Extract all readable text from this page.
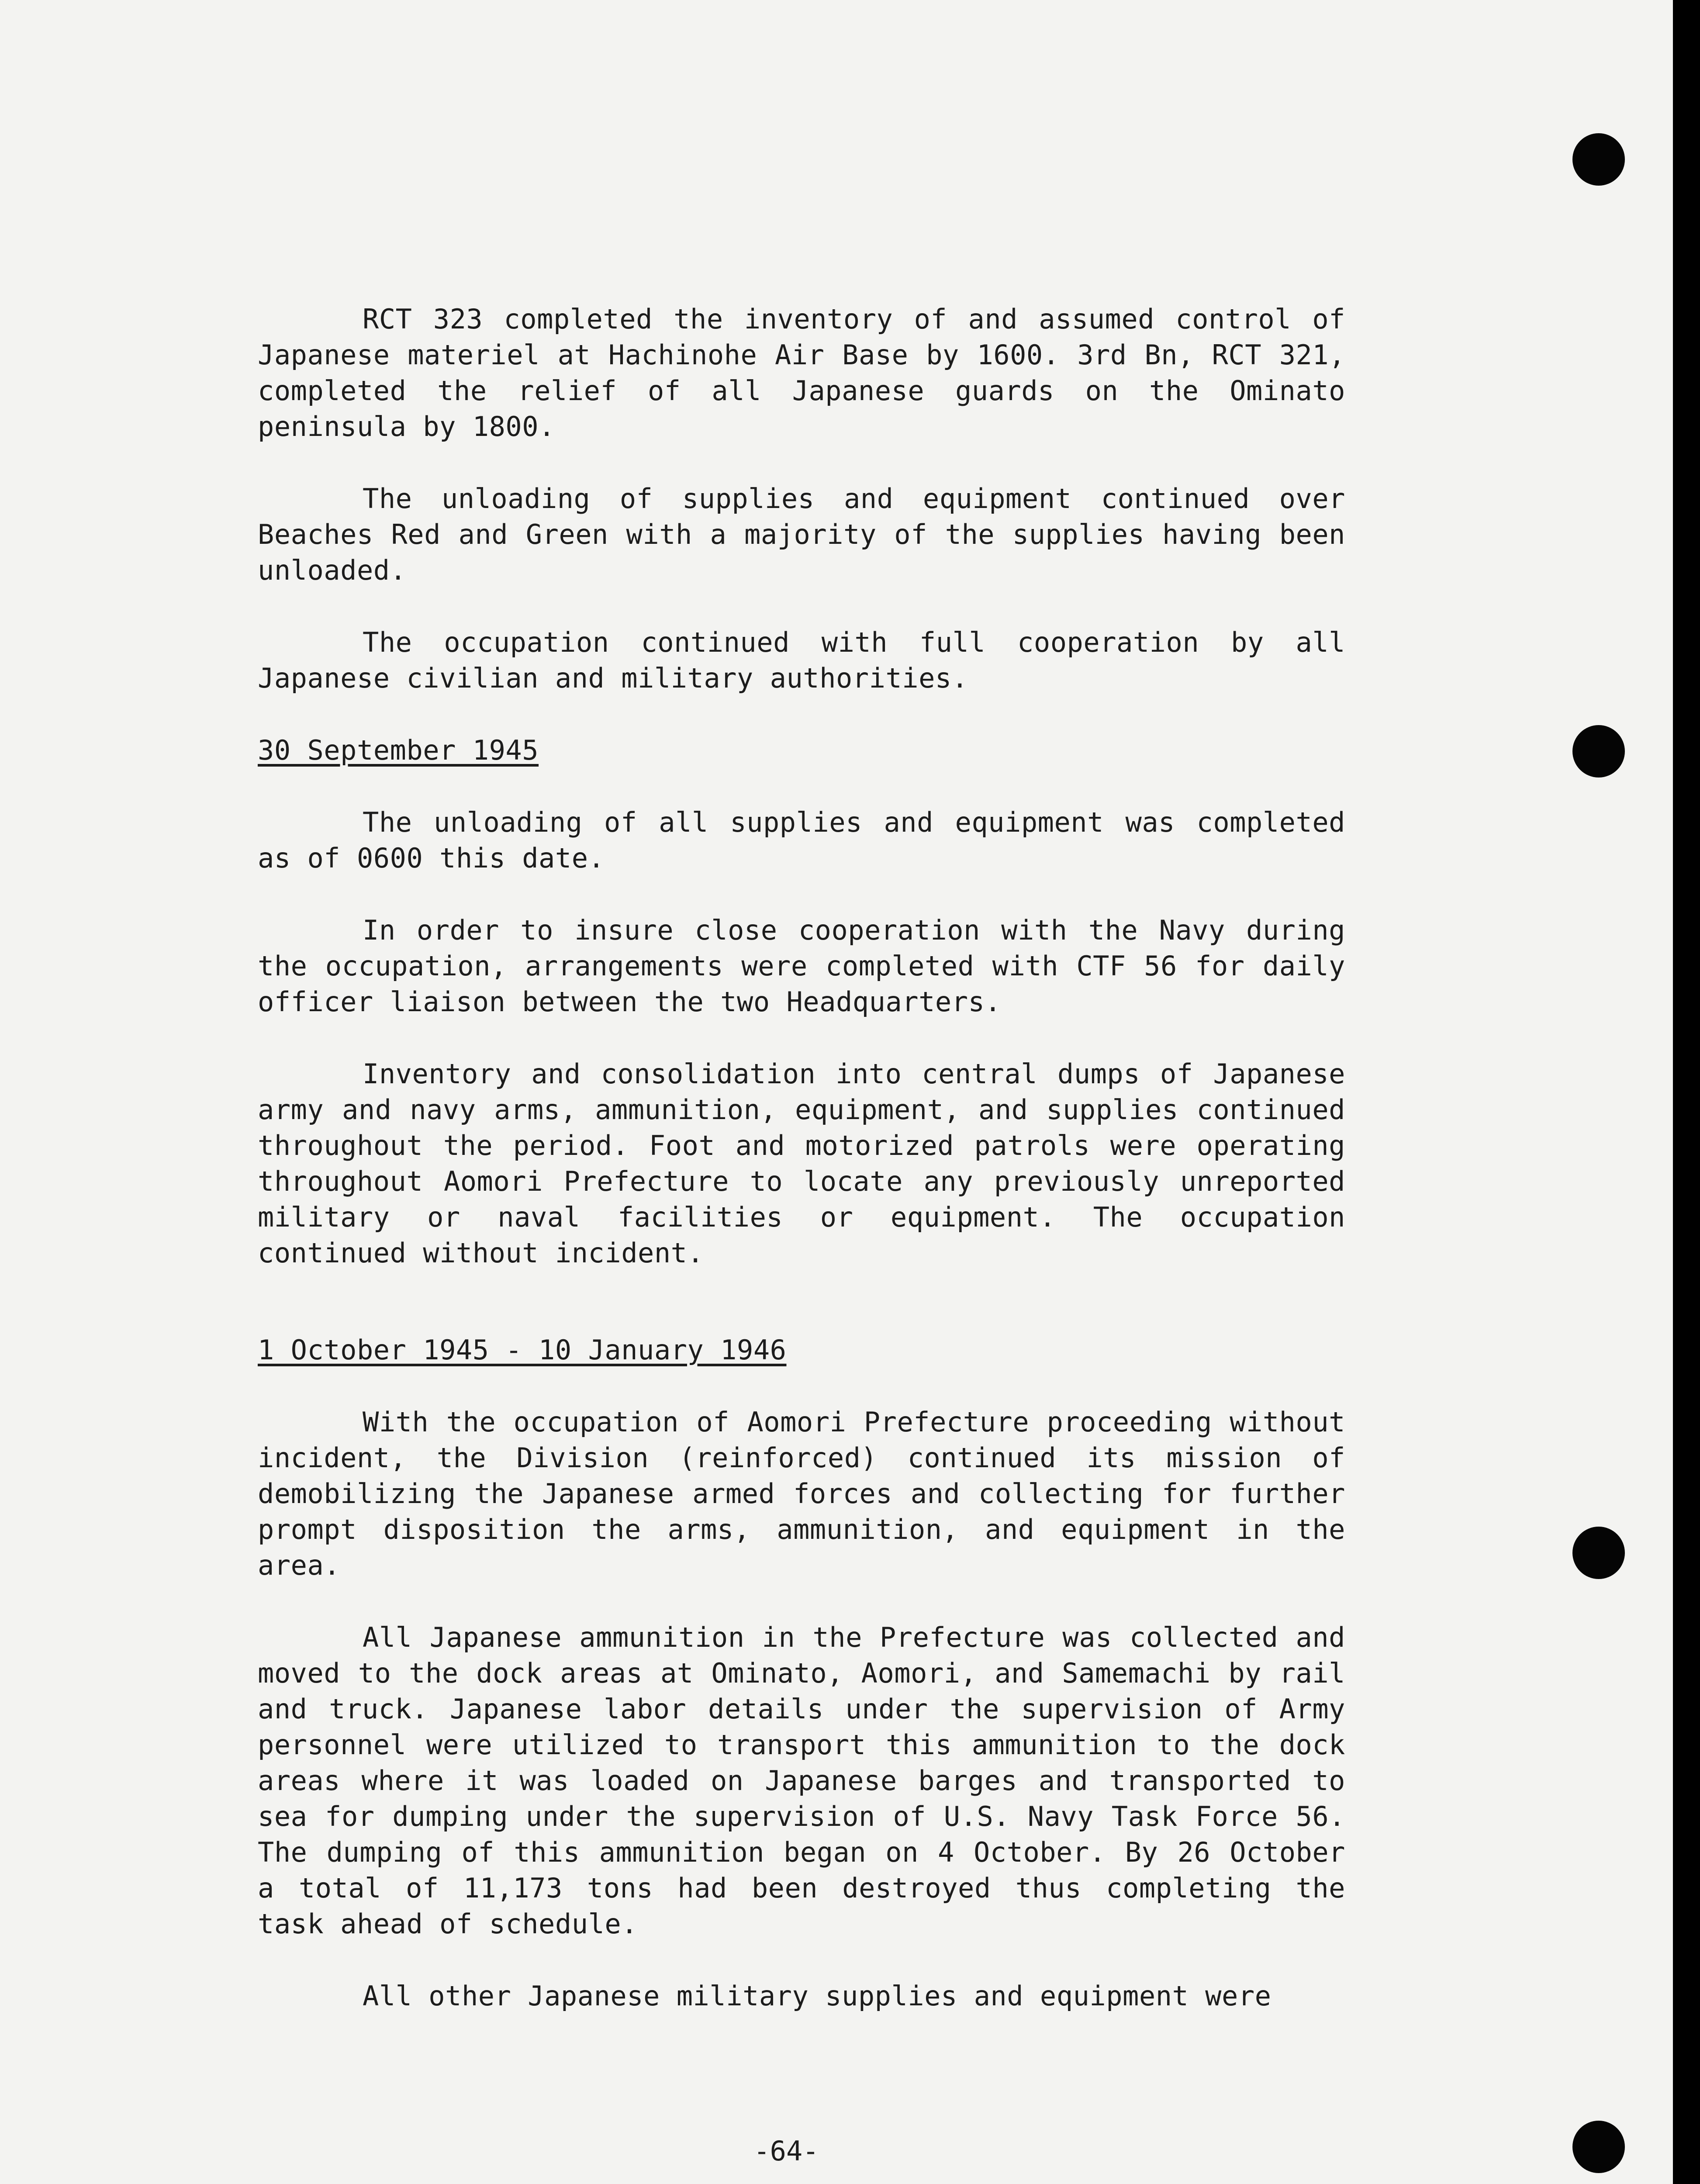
RCT 323 completed the inventory of and assumed control of Japanese materiel at Hachinohe Air Base by 1600. 3rd Bn, RCT 321, completed the relief of all Japanese guards on the Ominato peninsula by 1800.

The unloading of supplies and equipment continued over Beaches Red and Green with a majority of the supplies having been unloaded.

The occupation continued with full cooperation by all Japanese civilian and military authorities.

30 September 1945

The unloading of all supplies and equipment was completed as of 0600 this date.

In order to insure close cooperation with the Navy during the occupation, arrangements were completed with CTF 56 for daily officer liaison between the two Headquarters.

Inventory and consolidation into central dumps of Japanese army and navy arms, ammunition, equipment, and supplies continued throughout the period. Foot and motorized patrols were operating throughout Aomori Prefecture to locate any previously unreported military or naval facilities or equipment. The occupation continued without incident.

1 October 1945 - 10 January 1946

With the occupation of Aomori Prefecture proceeding without incident, the Division (reinforced) continued its mission of demobilizing the Japanese armed forces and collecting for further prompt disposition the arms, ammunition, and equipment in the area.

All Japanese ammunition in the Prefecture was collected and moved to the dock areas at Ominato, Aomori, and Samemachi by rail and truck. Japanese labor details under the supervision of Army personnel were utilized to transport this ammunition to the dock areas where it was loaded on Japanese barges and transported to sea for dumping under the supervision of U.S. Navy Task Force 56. The dumping of this ammunition began on 4 October. By 26 October a total of 11,173 tons had been destroyed thus completing the task ahead of schedule.

All other Japanese military supplies and equipment were

-64-
